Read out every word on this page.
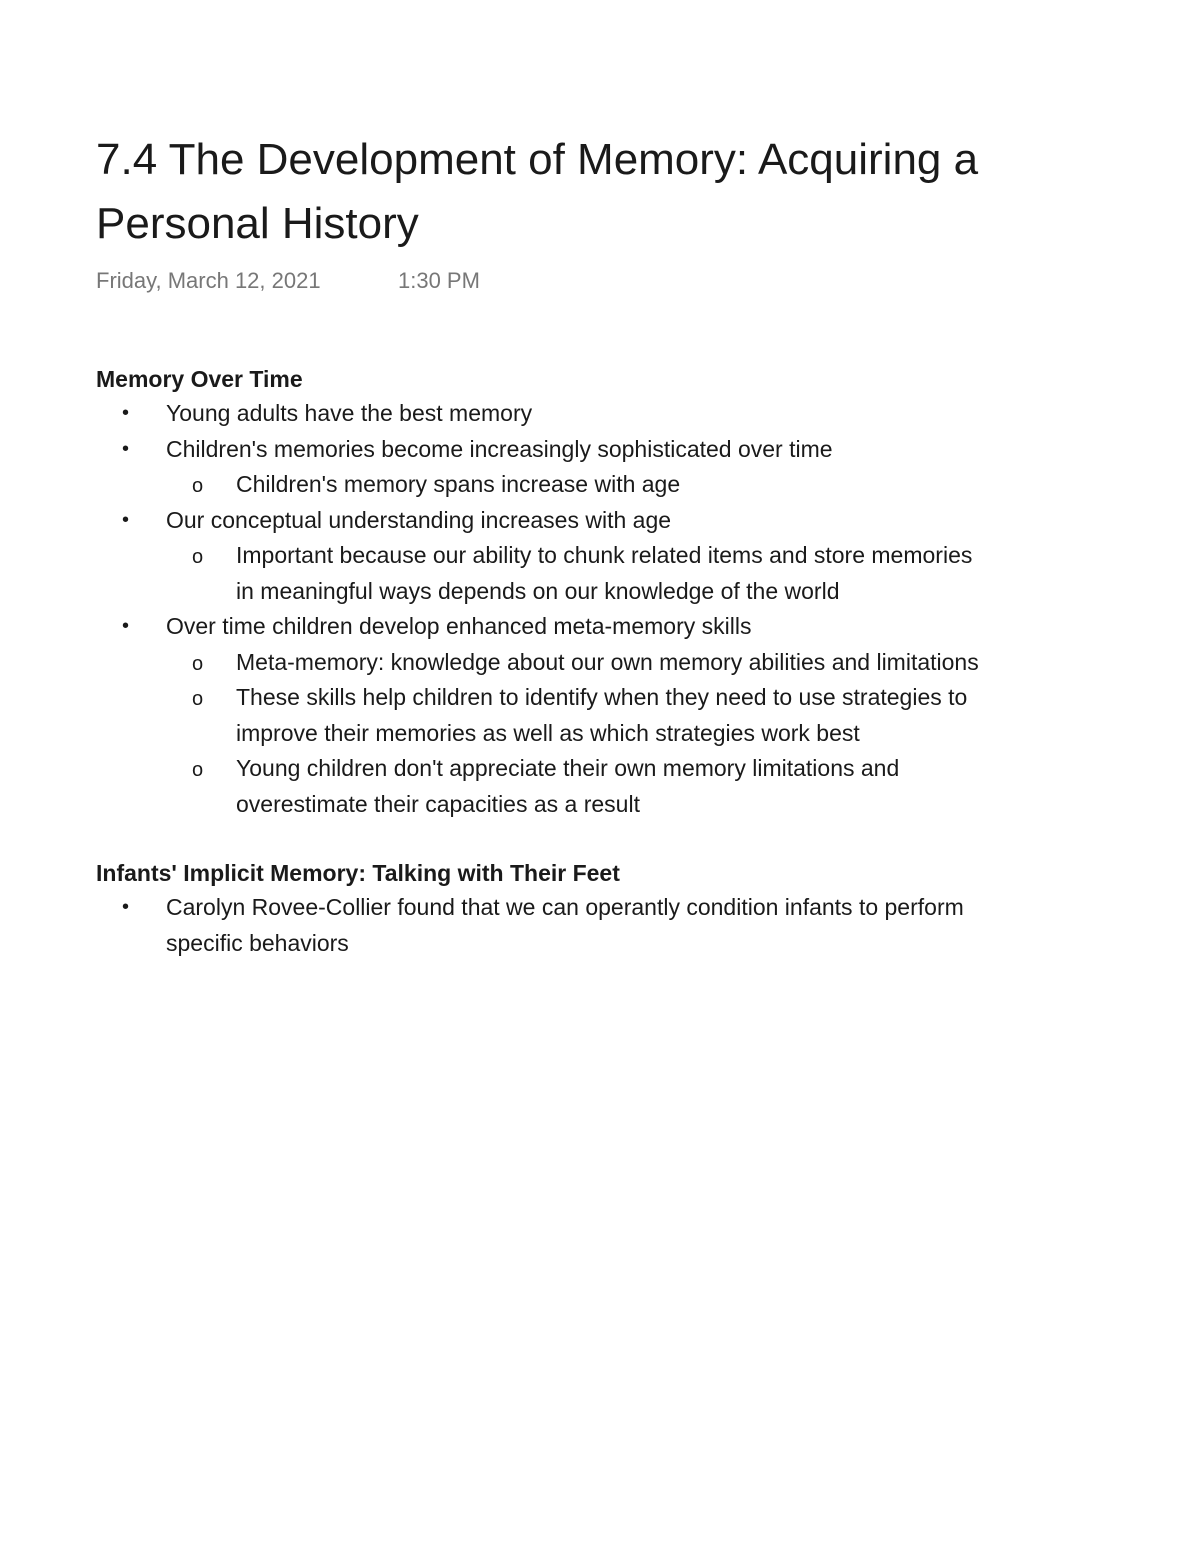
7.4 The Development of Memory: Acquiring a Personal History
Friday, March 12, 2021	1:30 PM

Memory Over Time

• Young adults have the best memory
• Children's memories become increasingly sophisticated over time
o Children's memory spans increase with age
• Our conceptual understanding increases with age
o Important because our ability to chunk related items and store memories in meaningful ways depends on our knowledge of the world
• Over time children develop enhanced meta-memory skills
o Meta-memory: knowledge about our own memory abilities and limitations
o These skills help children to identify when they need to use strategies to improve their memories as well as which strategies work best
o Young children don't appreciate their own memory limitations and overestimate their capacities as a result

Infants' Implicit Memory: Talking with Their Feet

• Carolyn Rovee-Collier found that we can operantly condition infants to perform specific behaviors
